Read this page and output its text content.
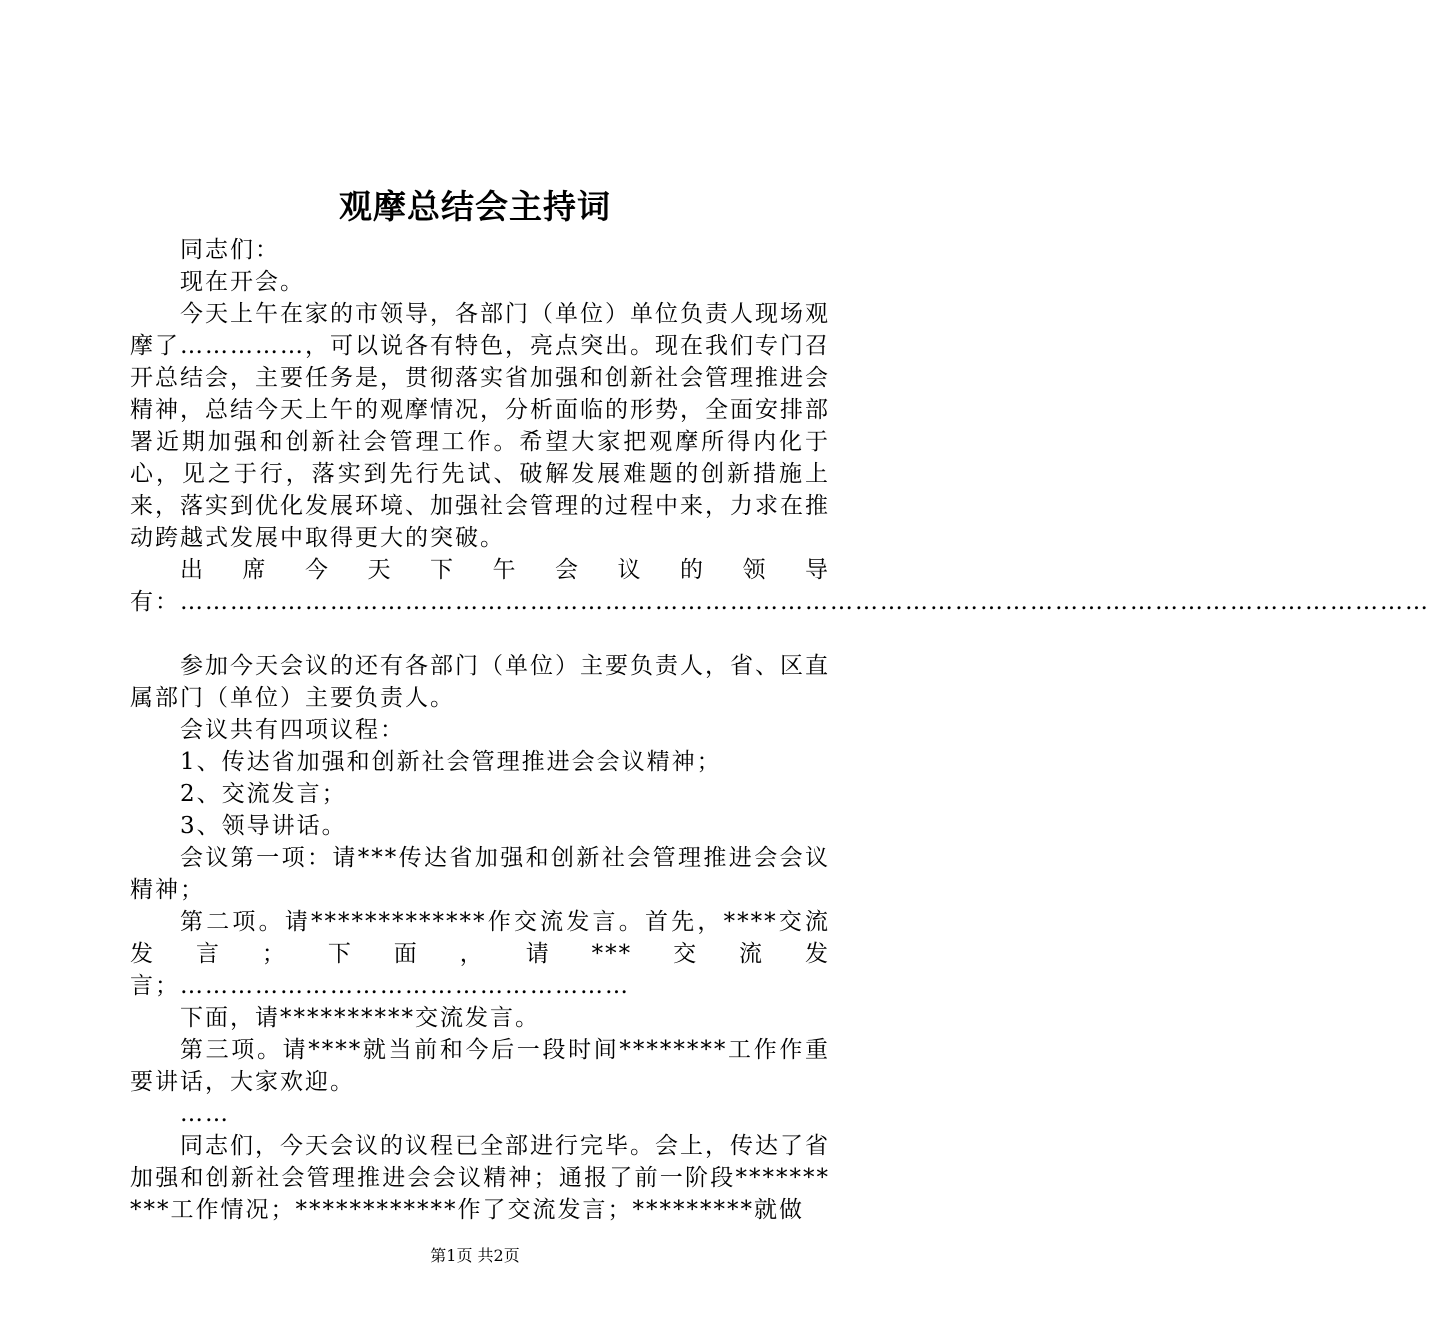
观摩总结会主持词

同志们：

现在开会。

今天上午在家的市领导，各部门（单位）单位负责人现场观摩了……………，可以说各有特色，亮点突出。现在我们专门召开总结会，主要任务是，贯彻落实省加强和创新社会管理推进会精神，总结今天上午的观摩情况，分析面临的形势，全面安排部署近期加强和创新社会管理工作。希望大家把观摩所得内化于心，见之于行，落实到先行先试、破解发展难题的创新措施上来，落实到优化发展环境、加强社会管理的过程中来，力求在推动跨越式发展中取得更大的突破。

出席今天下午会议的领导有：……………………………………………………………………………………………………………………………………

参加今天会议的还有各部门（单位）主要负责人，省、区直属部门（单位）主要负责人。

会议共有四项议程：

1、传达省加强和创新社会管理推进会会议精神；

2、交流发言；

3、领导讲话。

会议第一项：请***传达省加强和创新社会管理推进会会议精神；

第二项。请*************作交流发言。首先，****交流发言；下面，请***交流发言；………………………………………………

下面，请**********交流发言。

第三项。请****就当前和今后一段时间********工作作重要讲话，大家欢迎。

……

同志们，今天会议的议程已全部进行完毕。会上，传达了省加强和创新社会管理推进会会议精神；通报了前一阶段**********工作情况；************作了交流发言；*********就做

第1页 共2页
